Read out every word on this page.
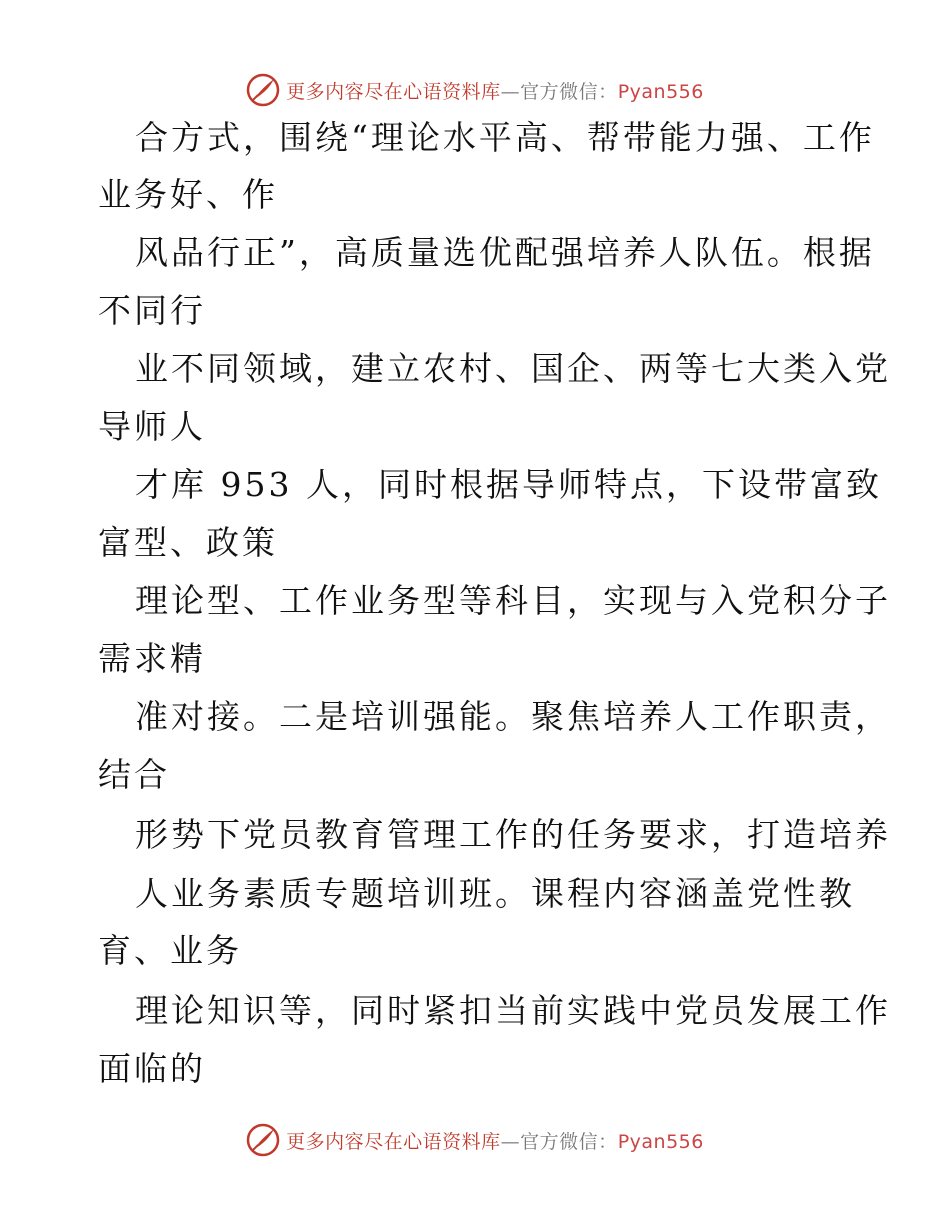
更多内容尽在心语资料库—官方微信：Pyan556
合方式，围绕“理论水平高、帮带能力强、工作
业务好、作
风品行正”，高质量选优配强培养人队伍。根据
不同行
业不同领域，建立农村、国企、两等七大类入党
导师人
才库 953 人，同时根据导师特点，下设带富致
富型、政策
理论型、工作业务型等科目，实现与入党积分子
需求精
准对接。二是培训强能。聚焦培养人工作职责，
结合
形势下党员教育管理工作的任务要求，打造培养
人业务素质专题培训班。课程内容涵盖党性教
育、业务
理论知识等，同时紧扣当前实践中党员发展工作
面临的
更多内容尽在心语资料库—官方微信：Pyan556
